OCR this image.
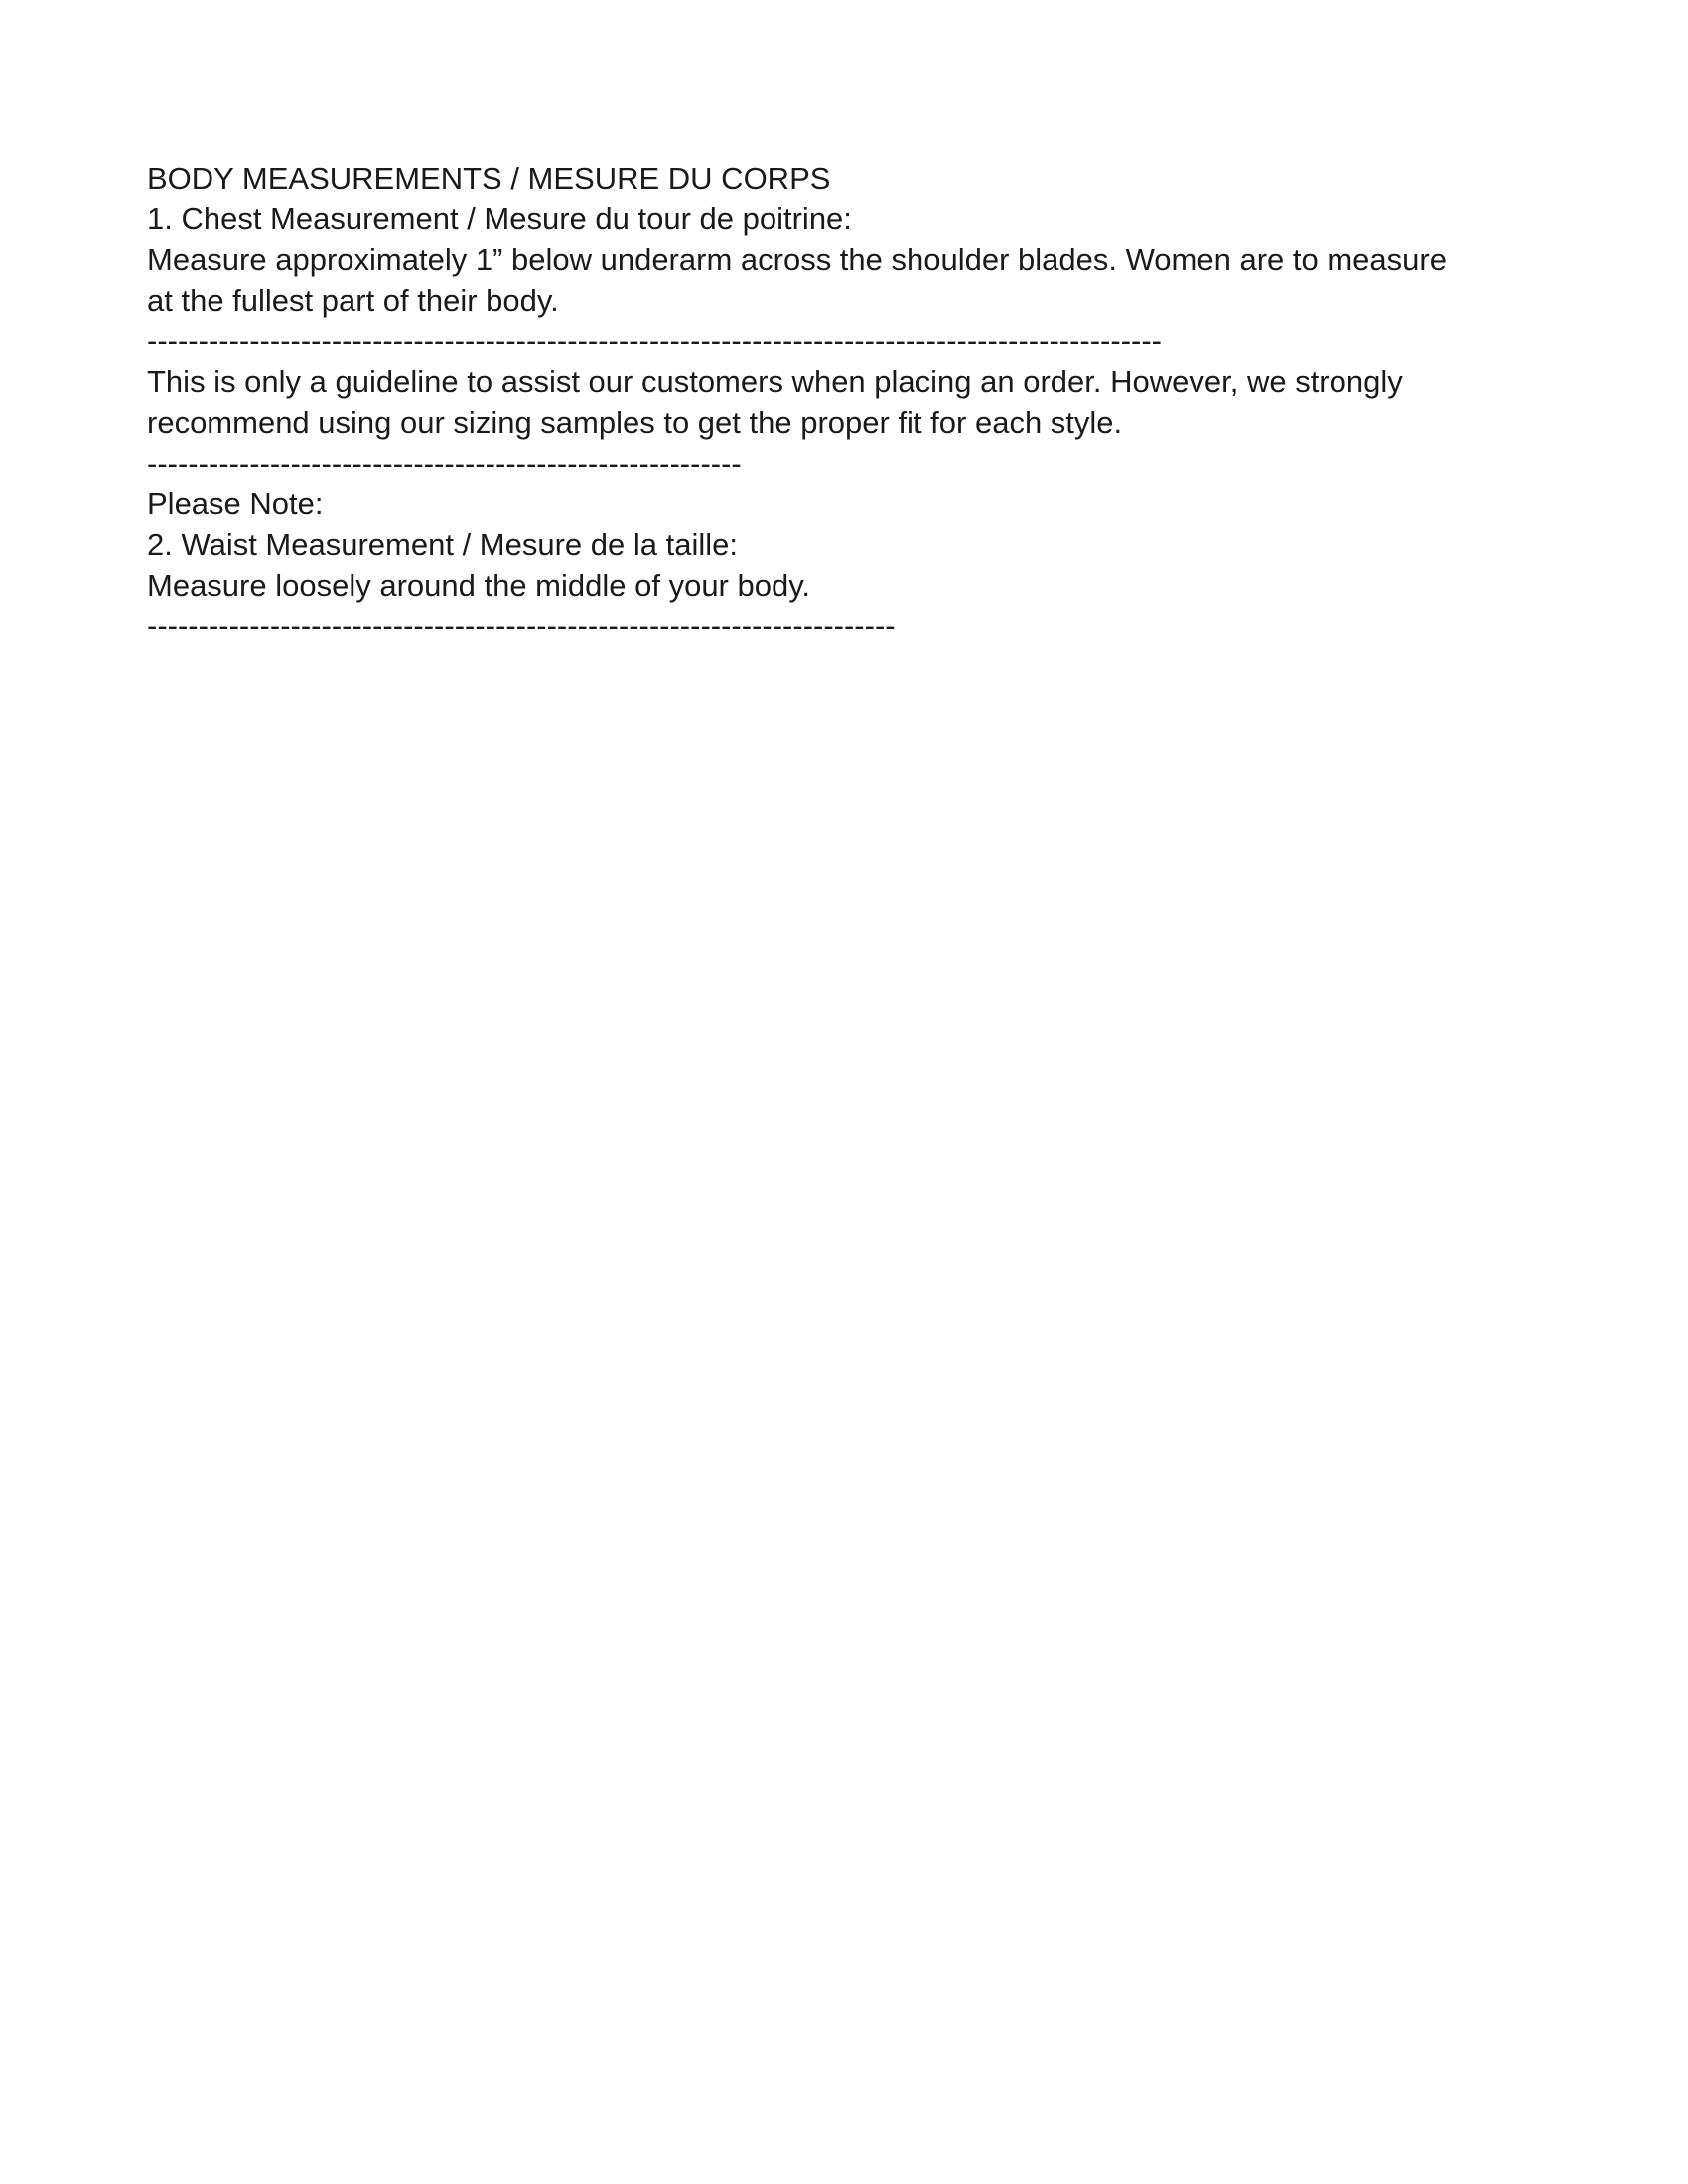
BODY MEASUREMENTS / MESURE DU CORPS
1. Chest Measurement / Mesure du tour de poitrine:
Measure approximately 1” below underarm across the shoulder blades. Women are to measure
at the fullest part of their body.
---------------------------------------------------------------------------------------------------
This is only a guideline to assist our customers when placing an order. However, we strongly
recommend using our sizing samples to get the proper fit for each style.
----------------------------------------------------------
Please Note:
2. Waist Measurement / Mesure de la taille:
Measure loosely around the middle of your body.
-------------------------------------------------------------------------
